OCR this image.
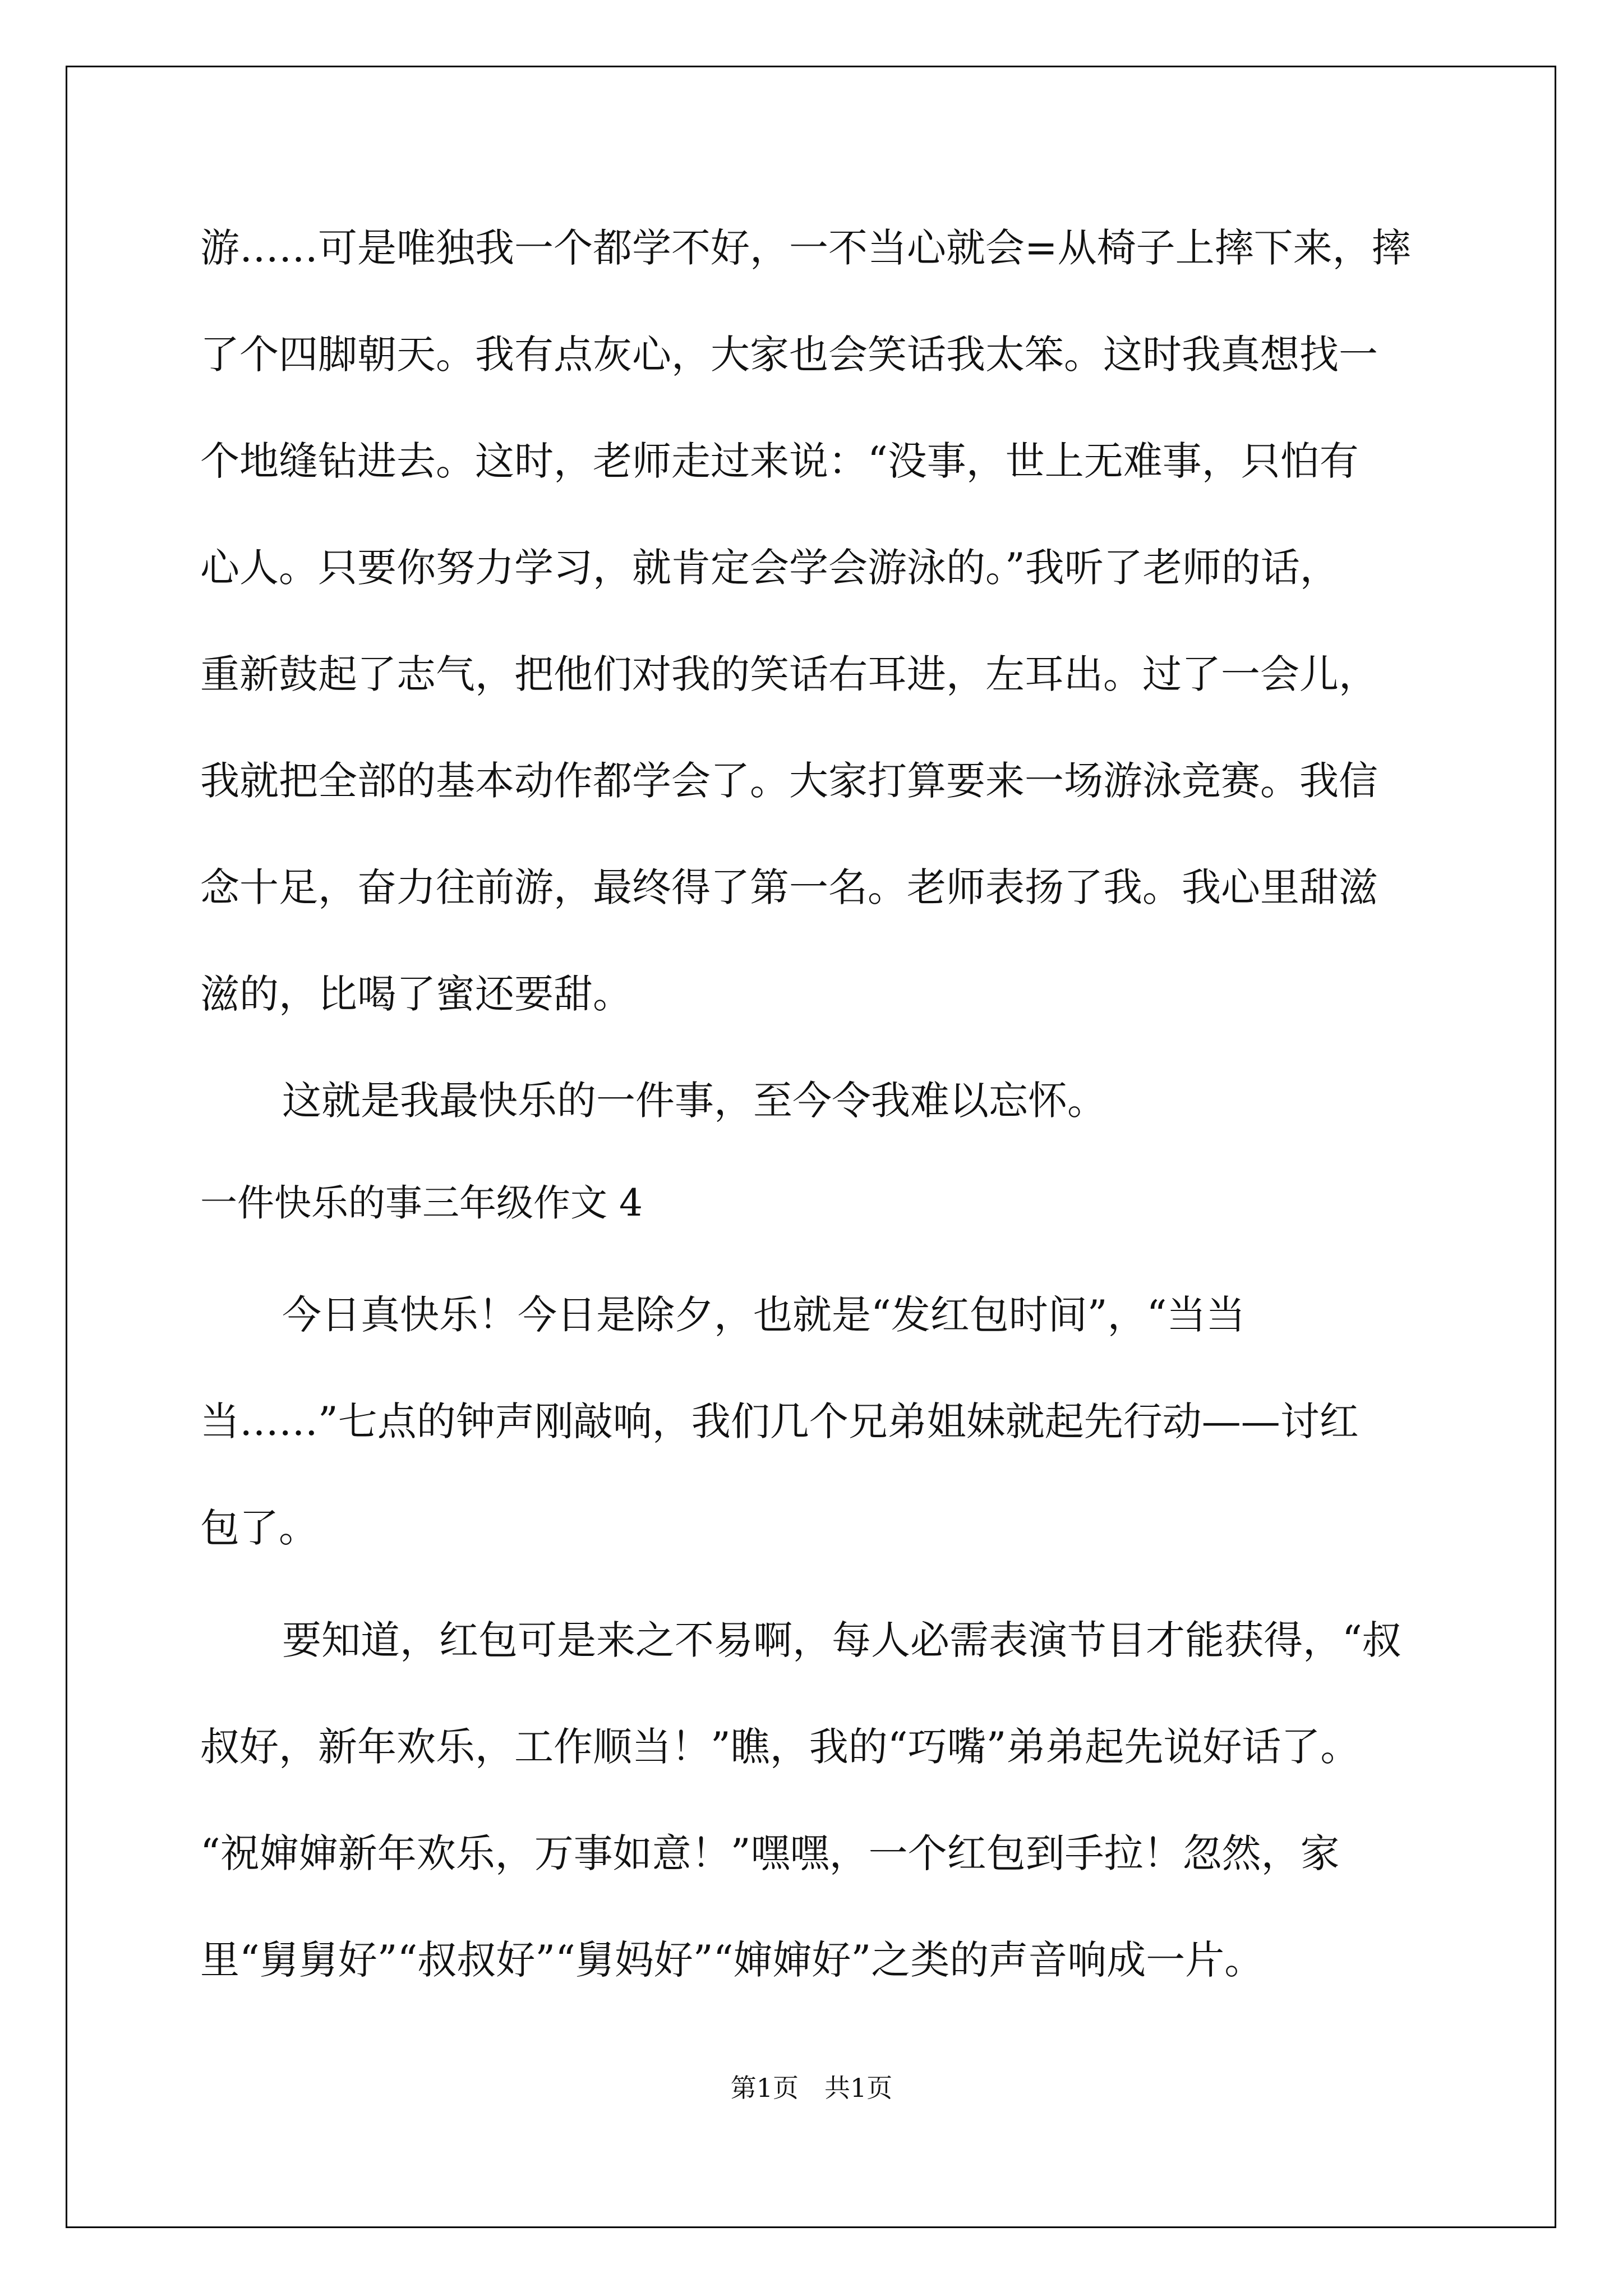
游……可是唯独我一个都学不好，一不当心就会=从椅子上摔下来，摔

了个四脚朝天。我有点灰心，大家也会笑话我太笨。这时我真想找一

个地缝钻进去。这时，老师走过来说：“没事，世上无难事，只怕有

心人。只要你努力学习，就肯定会学会游泳的。”我听了老师的话，

重新鼓起了志气，把他们对我的笑话右耳进，左耳出。过了一会儿，

我就把全部的基本动作都学会了。大家打算要来一场游泳竞赛。我信

念十足，奋力往前游，最终得了第一名。老师表扬了我。我心里甜滋

滋的，比喝了蜜还要甜。

这就是我最快乐的一件事，至今令我难以忘怀。

一件快乐的事三年级作文 4

今日真快乐！今日是除夕，也就是“发红包时间”，“当当

当……”七点的钟声刚敲响，我们几个兄弟姐妹就起先行动——讨红

包了。

要知道，红包可是来之不易啊，每人必需表演节目才能获得，“叔

叔好，新年欢乐，工作顺当！”瞧，我的“巧嘴”弟弟起先说好话了。

“祝婶婶新年欢乐，万事如意！”嘿嘿，一个红包到手拉！忽然，家

里“舅舅好”“叔叔好”“舅妈好”“婶婶好”之类的声音响成一片。

第1页　共1页
